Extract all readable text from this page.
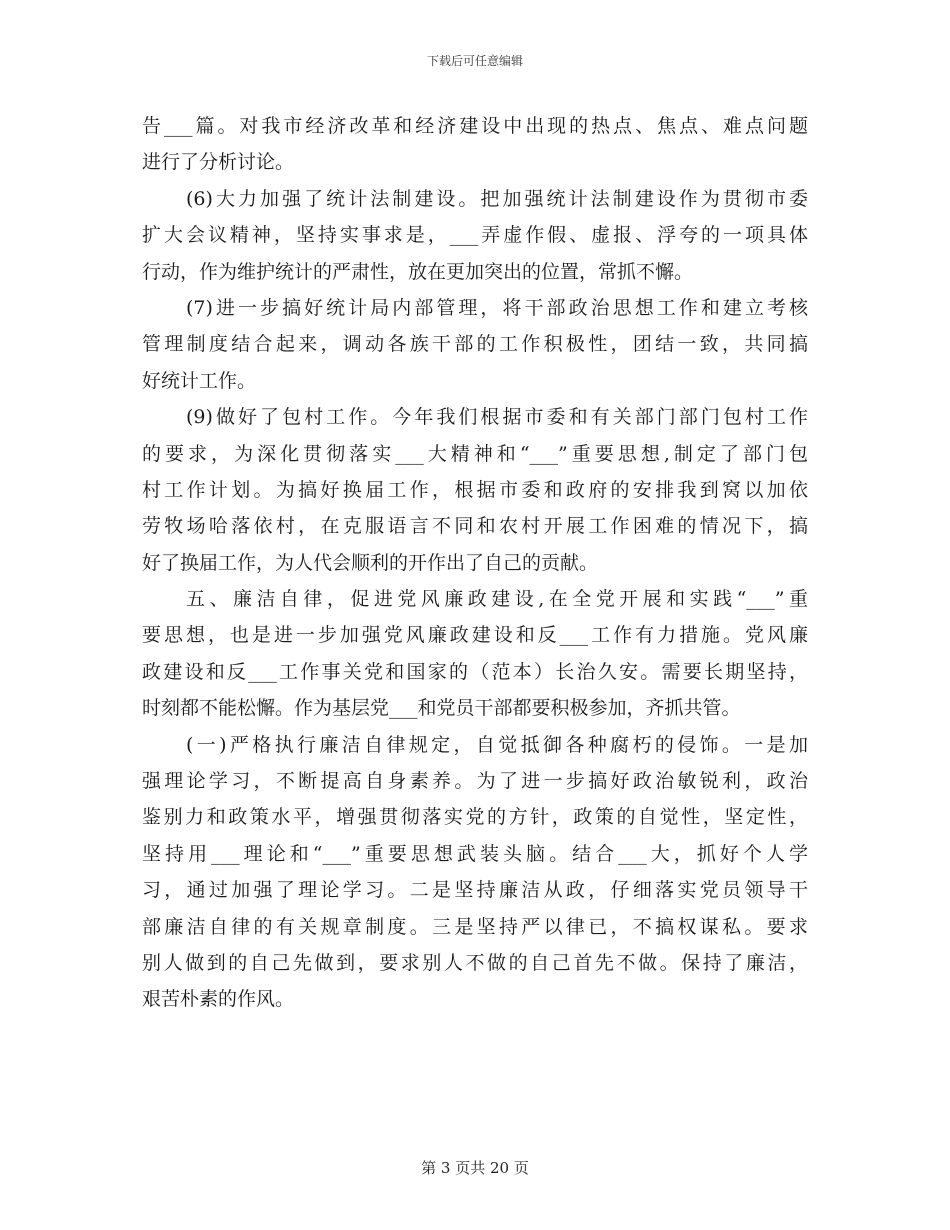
下载后可任意编辑
告___篇。对我市经济改革和经济建设中出现的热点、焦点、难点问题
进行了分析讨论。
(6)大力加强了统计法制建设。把加强统计法制建设作为贯彻市委
扩大会议精神，坚持实事求是，___弄虚作假、虚报、浮夸的一项具体
行动，作为维护统计的严肃性，放在更加突出的位置，常抓不懈。
(7)进一步搞好统计局内部管理，将干部政治思想工作和建立考核
管理制度结合起来，调动各族干部的工作积极性，团结一致，共同搞
好统计工作。
(9)做好了包村工作。今年我们根据市委和有关部门部门包村工作
的要求，为深化贯彻落实___大精神和“___”重要思想,制定了部门包
村工作计划。为搞好换届工作，根据市委和政府的安排我到窝以加依
劳牧场哈落依村，在克服语言不同和农村开展工作困难的情况下，搞
好了换届工作，为人代会顺利的开作出了自己的贡献。
五、廉洁自律，促进党风廉政建设,在全党开展和实践“___”重
要思想，也是进一步加强党风廉政建设和反___工作有力措施。党风廉
政建设和反___工作事关党和国家的（范本）长治久安。需要长期坚持，
时刻都不能松懈。作为基层党___和党员干部都要积极参加，齐抓共管。
(一)严格执行廉洁自律规定，自觉抵御各种腐朽的侵饰。一是加
强理论学习，不断提高自身素养。为了进一步搞好政治敏锐利，政治
鉴别力和政策水平，增强贯彻落实党的方针，政策的自觉性，坚定性，
坚持用___理论和“___”重要思想武装头脑。结合___大，抓好个人学
习，通过加强了理论学习。二是坚持廉洁从政，仔细落实党员领导干
部廉洁自律的有关规章制度。三是坚持严以律已，不搞权谋私。要求
别人做到的自己先做到，要求别人不做的自己首先不做。保持了廉洁，
艰苦朴素的作风。
第 3 页共 20 页
